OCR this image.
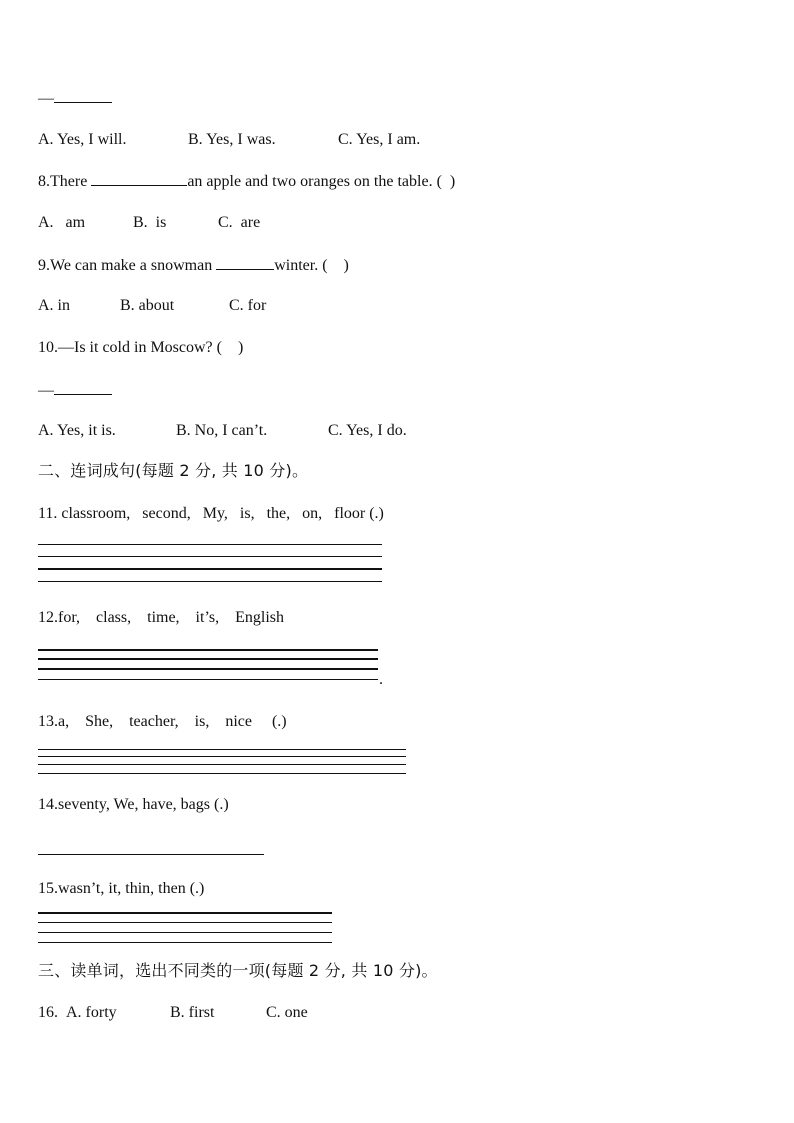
—
A. Yes, I will.	B. Yes, I was.	C. Yes, I am.
8.There	an apple and two oranges on the table. (  )
A.   am	B.  is	C.  are
9.We can make a snowman	winter. (    )
A. in	B. about	C. for
10.—Is it cold in Moscow? (    )
—
A. Yes, it is.	B. No, I can’t.	C. Yes, I do.
二、连词成句(每题 2 分, 共 10 分)。
11. classroom,   second,   My,   is,   the,   on,   floor (.)
12.for,    class,    time,    it’s,    English
.
13.a,    She,    teacher,    is,    nice     (.)
14.seventy, We, have, bags (.)
15.wasn’t, it, thin, then (.)
三、读单词，选出不同类的一项(每题 2 分, 共 10 分)。
16. A. forty	B. first	C. one
